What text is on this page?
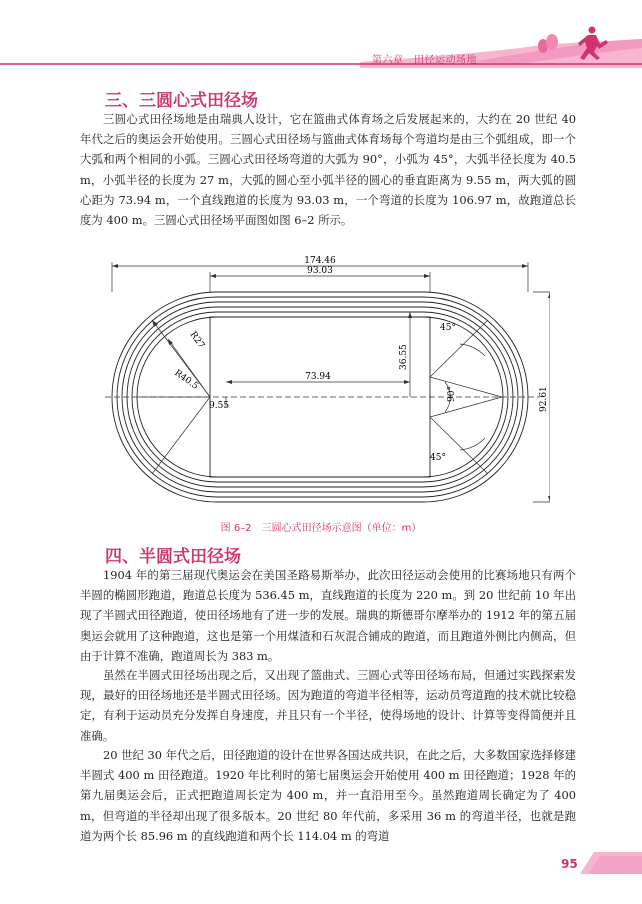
第六章　田径运动场地
三、三圆心式田径场

三圆心式田径场地是由瑞典人设计，它在篮曲式体育场之后发展起来的，大约在 20 世纪 40 年代之后的奥运会开始使用。三圆心式田径场与篮曲式体育场每个弯道均是由三个弧组成，即一个大弧和两个相同的小弧。三圆心式田径场弯道的大弧为 90°，小弧为 45°，大弧半径长度为 40.5 m，小弧半径的长度为 27 m，大弧的圆心至小弧半径的圆心的垂直距离为 9.55 m，两大弧的圆心距为 73.94 m，一个直线跑道的长度为 93.03 m，一个弯道的长度为 106.97 m，故跑道总长度为 400 m。三圆心式田径场平面图如图 6–2 所示。

174.46
93.03
R27
R40.5
9.55
73.94
36.55
92.61
45°
90°
45°
图 6–2　三圆心式田径场示意图（单位：m）
四、半圆式田径场

1904 年的第三届现代奥运会在美国圣路易斯举办，此次田径运动会使用的比赛场地只有两个半圆的椭圆形跑道，跑道总长度为 536.45 m，直线跑道的长度为 220 m。到 20 世纪前 10 年出现了半圆式田径跑道，使田径场地有了进一步的发展。瑞典的斯德哥尔摩举办的 1912 年的第五届奥运会就用了这种跑道，这也是第一个用煤渣和石灰混合铺成的跑道，而且跑道外侧比内侧高，但由于计算不准确，跑道周长为 383 m。

虽然在半圆式田径场出现之后，又出现了篮曲式、三圆心式等田径场布局，但通过实践探索发现，最好的田径场地还是半圆式田径场。因为跑道的弯道半径相等，运动员弯道跑的技术就比较稳定，有利于运动员充分发挥自身速度，并且只有一个半径，使得场地的设计、计算等变得简便并且准确。

20 世纪 30 年代之后，田径跑道的设计在世界各国达成共识，在此之后，大多数国家选择修建半圆式 400 m 田径跑道。1920 年比利时的第七届奥运会开始使用 400 m 田径跑道；1928 年的第九届奥运会后，正式把跑道周长定为 400 m，并一直沿用至今。虽然跑道周长确定为了 400 m，但弯道的半径却出现了很多版本。20 世纪 80 年代前，多采用 36 m 的弯道半径，也就是跑道为两个长 85.96 m 的直线跑道和两个长 114.04 m 的弯道

95
